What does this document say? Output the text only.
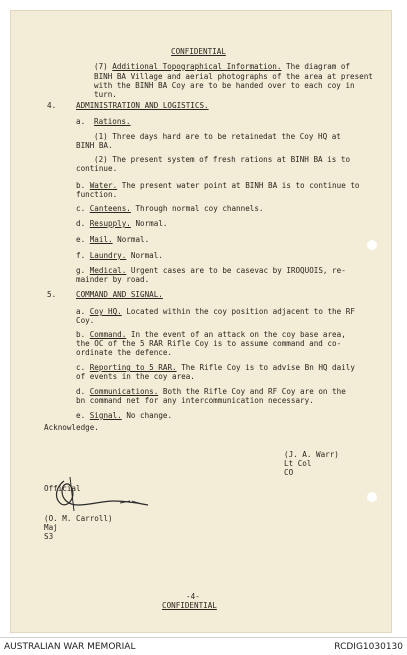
CONFIDENTIAL
(7) Additional Topographical Information. The diagram of
BINH BA Village and aerial photographs of the area at present
with the BINH BA Coy are to be handed over to each coy in
turn.
4.	ADMINISTRATION AND LOGISTICS.
a. Rations.
(1) Three days hard are to be retainedat the Coy HQ at
BINH BA.
(2) The present system of fresh rations at BINH BA is to
continue.
b. Water. The present water point at BINH BA is to continue to
function.
c. Canteens. Through normal coy channels.
d. Resupply. Normal.
e. Mail. Normal.
f. Laundry. Normal.
g. Medical. Urgent cases are to be casevac by IROQUOIS, re-
mainder by road.
5.	COMMAND AND SIGNAL.
a. Coy HQ. Located within the coy position adjacent to the RF
Coy.
b. Command. In the event of an attack on the coy base area,
the OC of the 5 RAR Rifle Coy is to assume command and co-
ordinate the defence.
c. Reporting to 5 RAR. The Rifle Coy is to advise Bn HQ daily
of events in the coy area.
d. Communications. Both the Rifle Coy and RF Coy are on the
bn command net for any intercommunication necessary.
e. Signal. No change.
Acknowledge.
(J. A. Warr)
Lt Col
CO
Official
(O. M. Carroll)
Maj
S3
-4-
CONFIDENTIAL
AUSTRALIAN WAR MEMORIAL	RCDIG1030130
